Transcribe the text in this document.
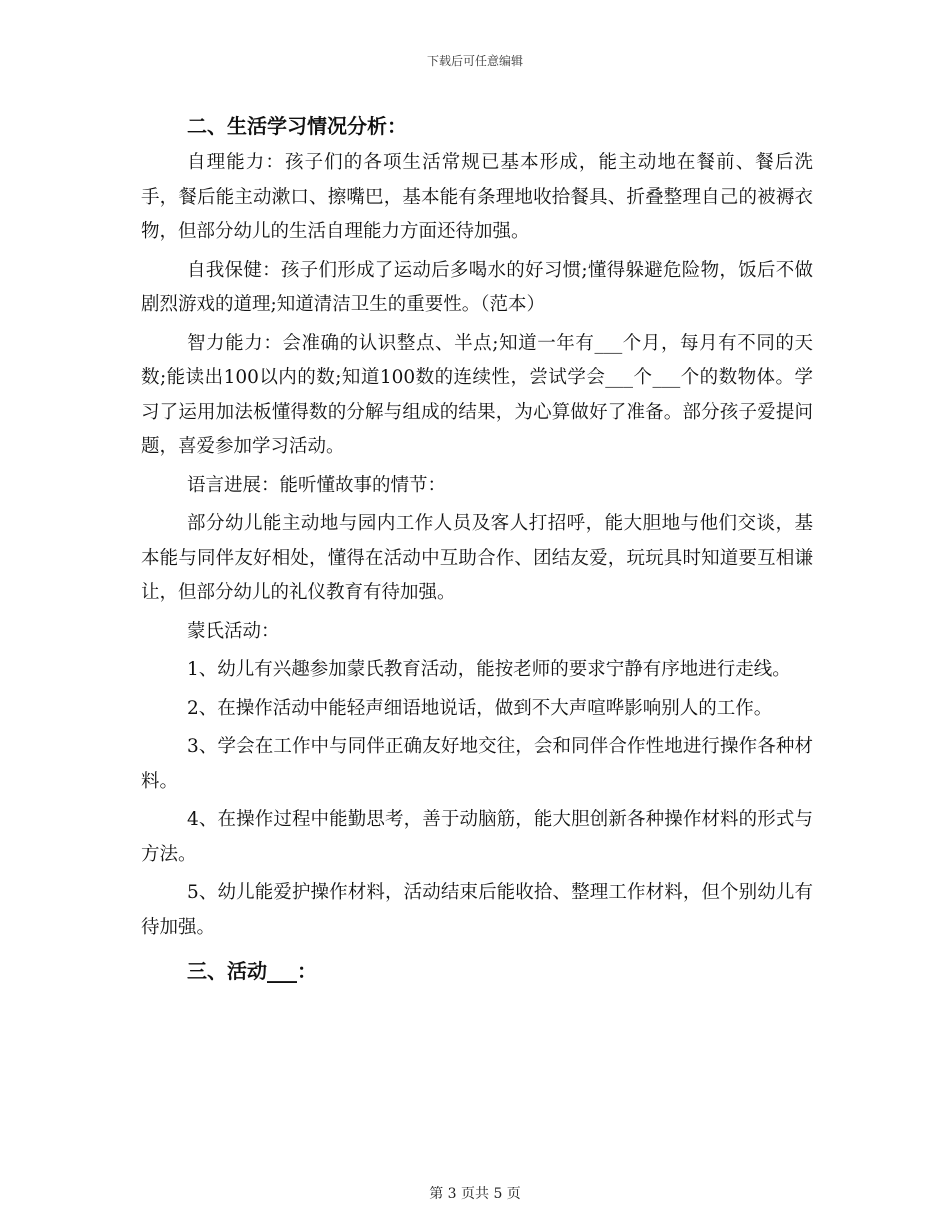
下载后可任意编辑

二、生活学习情况分析：

自理能力：孩子们的各项生活常规已基本形成，能主动地在餐前、餐后洗手，餐后能主动漱口、擦嘴巴，基本能有条理地收拾餐具、折叠整理自己的被褥衣物，但部分幼儿的生活自理能力方面还待加强。

自我保健：孩子们形成了运动后多喝水的好习惯;懂得躲避危险物，饭后不做剧烈游戏的道理;知道清洁卫生的重要性。（范本）

智力能力：会准确的认识整点、半点;知道一年有___个月，每月有不同的天数;能读出100以内的数;知道100数的连续性，尝试学会___个___个的数物体。学习了运用加法板懂得数的分解与组成的结果，为心算做好了准备。部分孩子爱提问题，喜爱参加学习活动。

语言进展：能听懂故事的情节：

部分幼儿能主动地与园内工作人员及客人打招呼，能大胆地与他们交谈，基本能与同伴友好相处，懂得在活动中互助合作、团结友爱，玩玩具时知道要互相谦让，但部分幼儿的礼仪教育有待加强。

蒙氏活动：

1、幼儿有兴趣参加蒙氏教育活动，能按老师的要求宁静有序地进行走线。

2、在操作活动中能轻声细语地说话，做到不大声喧哗影响别人的工作。

3、学会在工作中与同伴正确友好地交往，会和同伴合作性地进行操作各种材料。

4、在操作过程中能勤思考，善于动脑筋，能大胆创新各种操作材料的形式与方法。

5、幼儿能爱护操作材料，活动结束后能收拾、整理工作材料，但个别幼儿有待加强。

三、活动___：

第 3 页共 5 页
